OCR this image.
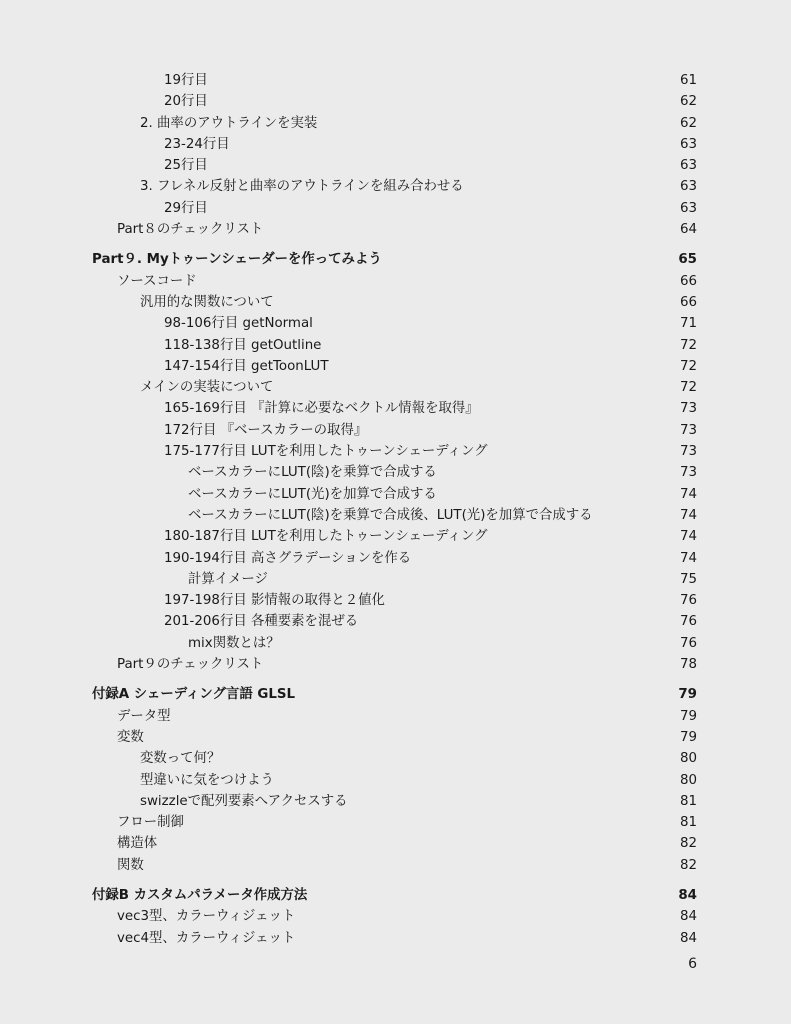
19行目	61
20行目	62
2. 曲率のアウトラインを実装	62
23-24行目	63
25行目	63
3. フレネル反射と曲率のアウトラインを組み合わせる	63
29行目	63
Part８のチェックリスト	64
Part９. Myトゥーンシェーダーを作ってみよう	65
ソースコード	66
汎用的な関数について	66
98-106行目 getNormal	71
118-138行目 getOutline	72
147-154行目 getToonLUT	72
メインの実装について	72
165-169行目 『計算に必要なベクトル情報を取得』	73
172行目 『ベースカラーの取得』	73
175-177行目 LUTを利用したトゥーンシェーディング	73
ベースカラーにLUT(陰)を乗算で合成する	73
ベースカラーにLUT(光)を加算で合成する	74
ベースカラーにLUT(陰)を乗算で合成後、LUT(光)を加算で合成する	74
180-187行目 LUTを利用したトゥーンシェーディング	74
190-194行目 高さグラデーションを作る	74
計算イメージ	75
197-198行目 影情報の取得と２値化	76
201-206行目 各種要素を混ぜる	76
mix関数とは？	76
Part９のチェックリスト	78
付録A シェーディング言語 GLSL	79
データ型	79
変数	79
変数って何？	80
型違いに気をつけよう	80
swizzleで配列要素へアクセスする	81
フロー制御	81
構造体	82
関数	82
付録B カスタムパラメータ作成方法	84
vec3型、カラーウィジェット	84
vec4型、カラーウィジェット	84
6
